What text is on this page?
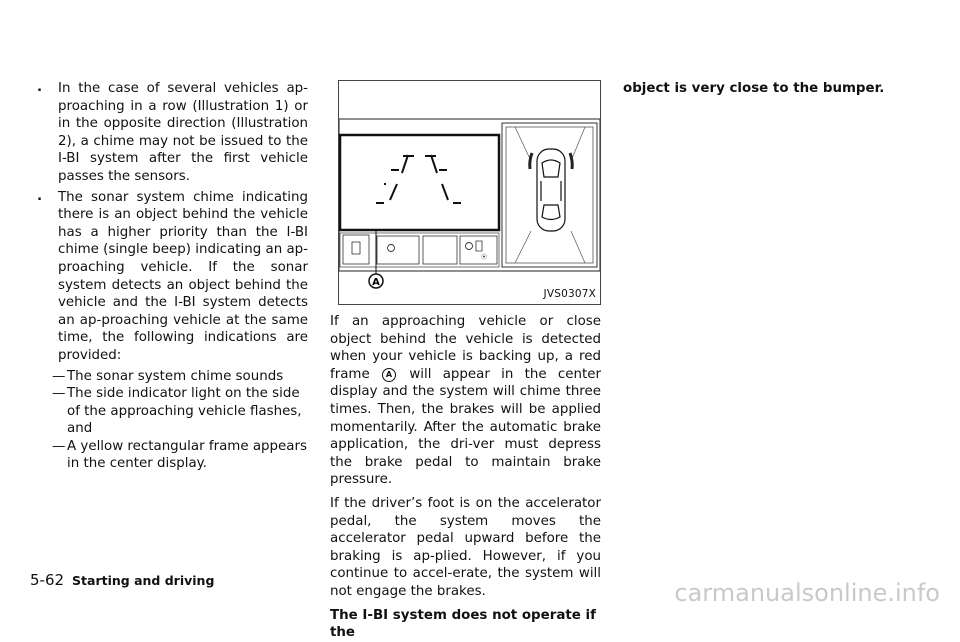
. In the case of several vehicles ap- proaching in a row (Illustration 1) or in the opposite direction (Illustration 2), a chime may not be issued to the I-BI system after the first vehicle passes the sensors.

. The sonar system chime indicating there is an object behind the vehicle has a higher priority than the I-BI chime (single beep) indicating an ap-proaching vehicle. If the sonar system detects an object behind the vehicle and the I-BI system detects an ap-proaching vehicle at the same time, the following indications are provided:

— The sonar system chime sounds

— The side indicator light on the side of the approaching vehicle flashes, and

— A yellow rectangular frame appears in the center display.

⦿
A
JVS0307X

If an approaching vehicle or close object behind the vehicle is detected when your vehicle is backing up, a red frame A will appear in the center display and the system will chime three times. Then, the brakes will be applied momentarily. After the automatic brake application, the dri-ver must depress the brake pedal to maintain brake pressure.

If the driver’s foot is on the accelerator pedal, the system moves the accelerator pedal upward before the braking is ap-plied. However, if you continue to accel-erate, the system will not engage the brakes.

The I-BI system does not operate if the

object is very close to the bumper.

5-62 Starting and driving	carmanualsonline.info
